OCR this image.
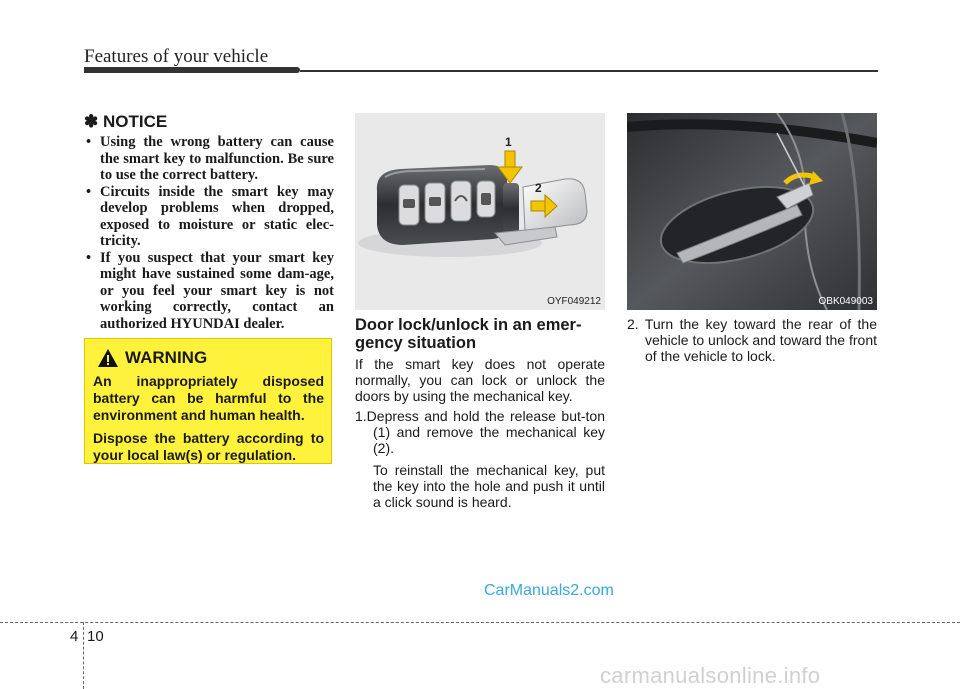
Features of your vehicle
✽ NOTICE
• Using the wrong battery can cause the smart key to malfunction. Be sure to use the correct battery.
• Circuits inside the smart key may develop problems when dropped, exposed to moisture or static elec-tricity.
• If you suspect that your smart key might have sustained some dam-age, or you feel your smart key is not working correctly, contact an authorized HYUNDAI dealer.
WARNING

An inappropriately disposed battery can be harmful to the environment and human health.

Dispose the battery according to your local law(s) or regulation.

1
2
OYF049212	OBK049003
Door lock/unlock in an emer-gency situation

If the smart key does not operate normally, you can lock or unlock the doors by using the mechanical key.

1.Depress and hold the release but-ton (1) and remove the mechanical key (2).

To reinstall the mechanical key, put the key into the hole and push it until a click sound is heard.

2. Turn the key toward the rear of the vehicle to unlock and toward the front of the vehicle to lock.

CarManuals2.com
4 10
carmanualsonline.info
